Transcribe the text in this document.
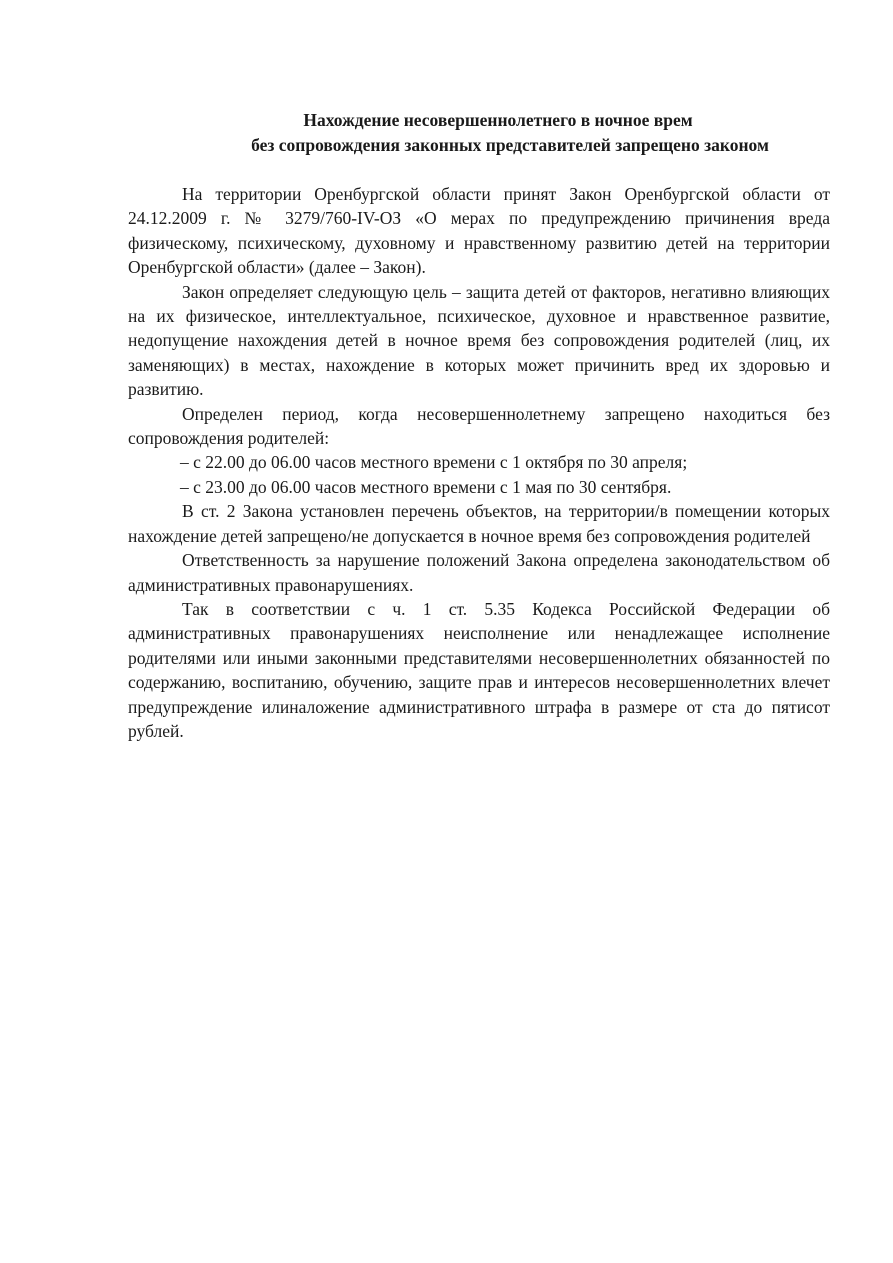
Нахождение несовершеннолетнего в ночное врем
без сопровождения законных представителей запрещено законом

На территории Оренбургской области принят Закон Оренбургской области от 24.12.2009 г. № 3279/760-IV-ОЗ «О мерах по предупреждению причинения вреда физическому, психическому, духовному и нравственному развитию детей на территории Оренбургской области» (далее – Закон).

Закон определяет следующую цель – защита детей от факторов, негативно влияющих на их физическое, интеллектуальное, психическое, духовное и нравственное развитие, недопущение нахождения детей в ночное время без сопровождения родителей (лиц, их заменяющих) в местах, нахождение в которых может причинить вред их здоровью и развитию.

Определен период, когда несовершеннолетнему запрещено находиться без сопровождения родителей:

– с 22.00 до 06.00 часов местного времени с 1 октября по 30 апреля;

– с 23.00 до 06.00 часов местного времени с 1 мая по 30 сентября.

В ст. 2 Закона установлен перечень объектов, на территории/в помещении которых нахождение детей запрещено/не допускается в ночное время без сопровождения родителей

Ответственность за нарушение положений Закона определена законодательством об административных правонарушениях.

Так в соответствии с ч. 1 ст. 5.35 Кодекса Российской Федерации об административных правонарушениях неисполнение или ненадлежащее исполнение родителями или иными законными представителями несовершеннолетних обязанностей по содержанию, воспитанию, обучению, защите прав и интересов несовершеннолетних влечет предупреждение илиналожение административного штрафа в размере от ста до пятисот рублей.
